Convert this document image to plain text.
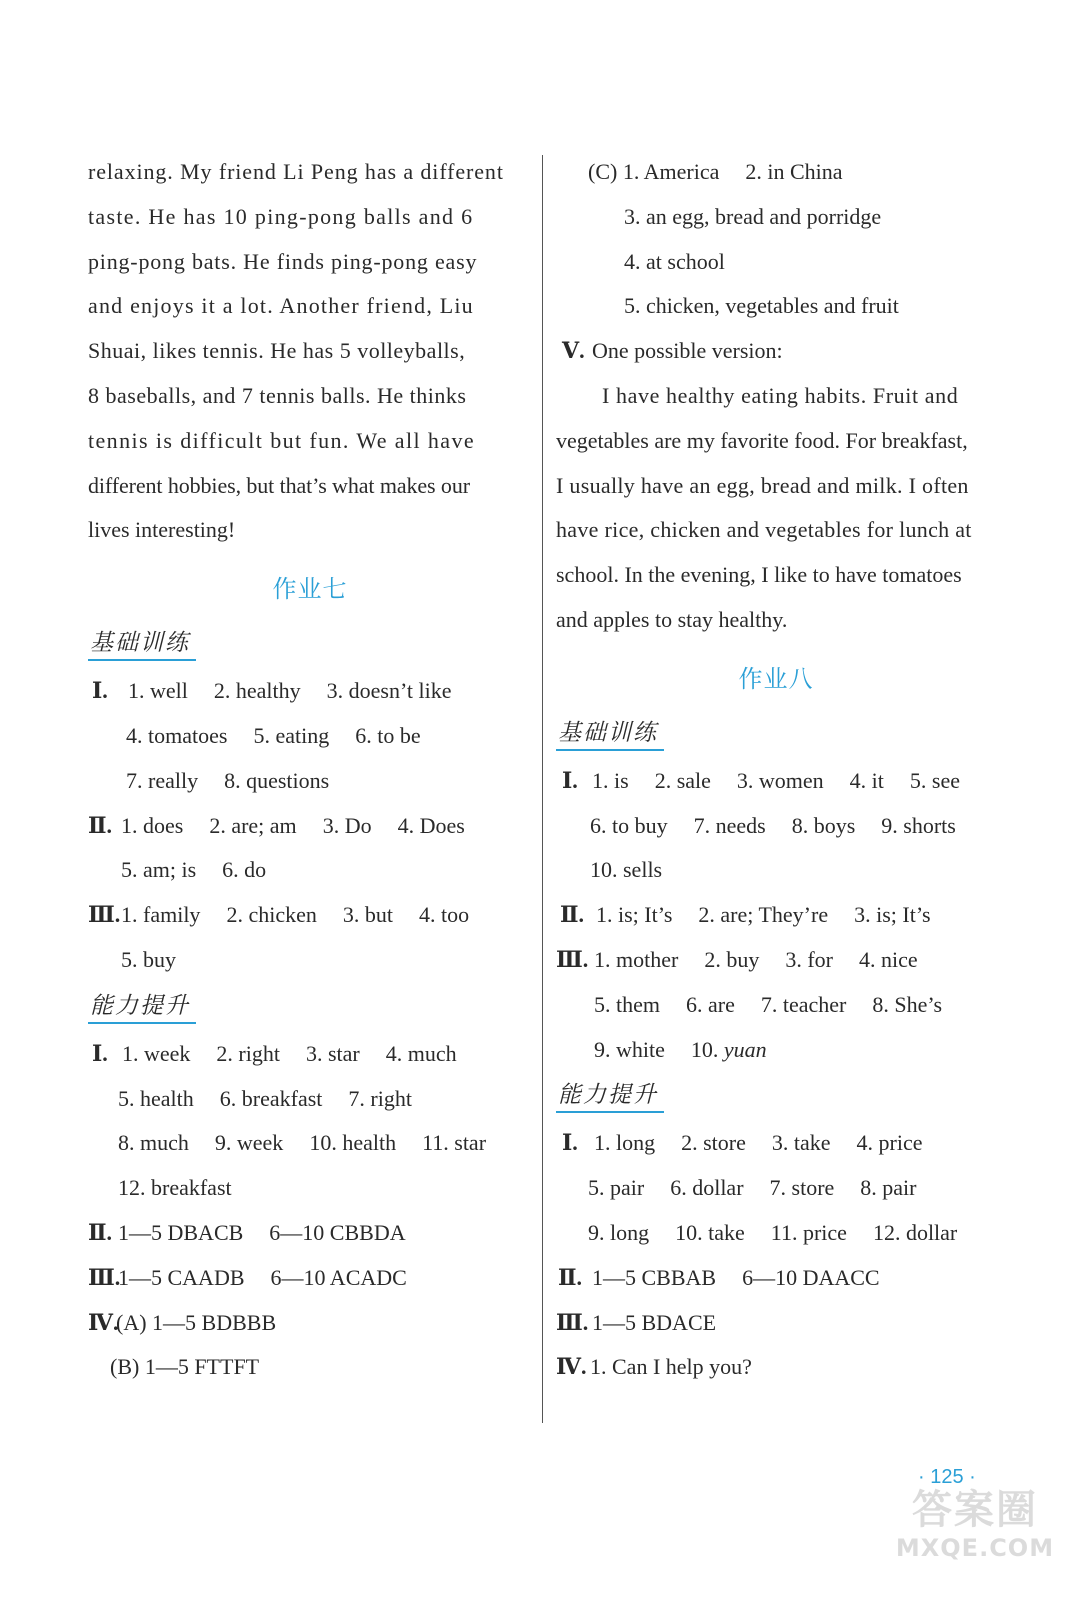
relaxing. My friend Li Peng has a different
taste. He has 10 ping-pong balls and 6
ping-pong bats. He finds ping-pong easy
and enjoys it a lot. Another friend, Liu
Shuai, likes tennis. He has 5 volleyballs,
8 baseballs, and 7 tennis balls. He thinks
tennis is difficult but fun. We all have
different hobbies, but that’s what makes our
lives interesting!

作业七

基础训练
Ⅰ. 1. well 2. healthy 3. doesn’t like
4. tomatoes 5. eating 6. to be
7. really 8. questions
Ⅱ. 1. does 2. are; am 3. Do 4. Does
5. am; is 6. do
Ⅲ.1. family 2. chicken 3. but 4. too
5. buy
能力提升
Ⅰ. 1. week 2. right 3. star 4. much
5. health 6. breakfast 7. right
8. much 9. week 10. health 11. star
12. breakfast
Ⅱ. 1—5 DBACB 6—10 CBBDA
Ⅲ.1—5 CAADB 6—10 ACADC
Ⅳ.(A) 1—5 BDBBB
(B) 1—5 FTTFT
(C) 1. America 2. in China
3. an egg, bread and porridge
4. at school
5. chicken, vegetables and fruit
Ⅴ. One possible version:
I have healthy eating habits. Fruit and
vegetables are my favorite food. For breakfast,
I usually have an egg, bread and milk. I often
have rice, chicken and vegetables for lunch at
school. In the evening, I like to have tomatoes
and apples to stay healthy.

作业八

基础训练
Ⅰ. 1. is 2. sale 3. women 4. it 5. see
6. to buy 7. needs 8. boys 9. shorts
10. sells
Ⅱ. 1. is; It’s 2. are; They’re 3. is; It’s
Ⅲ. 1. mother 2. buy 3. for 4. nice
5. them 6. are 7. teacher 8. She’s
9. white 10. yuan
能力提升
Ⅰ. 1. long 2. store 3. take 4. price
5. pair 6. dollar 7. store 8. pair
9. long 10. take 11. price 12. dollar
Ⅱ. 1—5 CBBAB 6—10 DAACC
Ⅲ. 1—5 BDACE
Ⅳ. 1. Can I help you?
· 125 ·
答案圈
MXQE.COM
